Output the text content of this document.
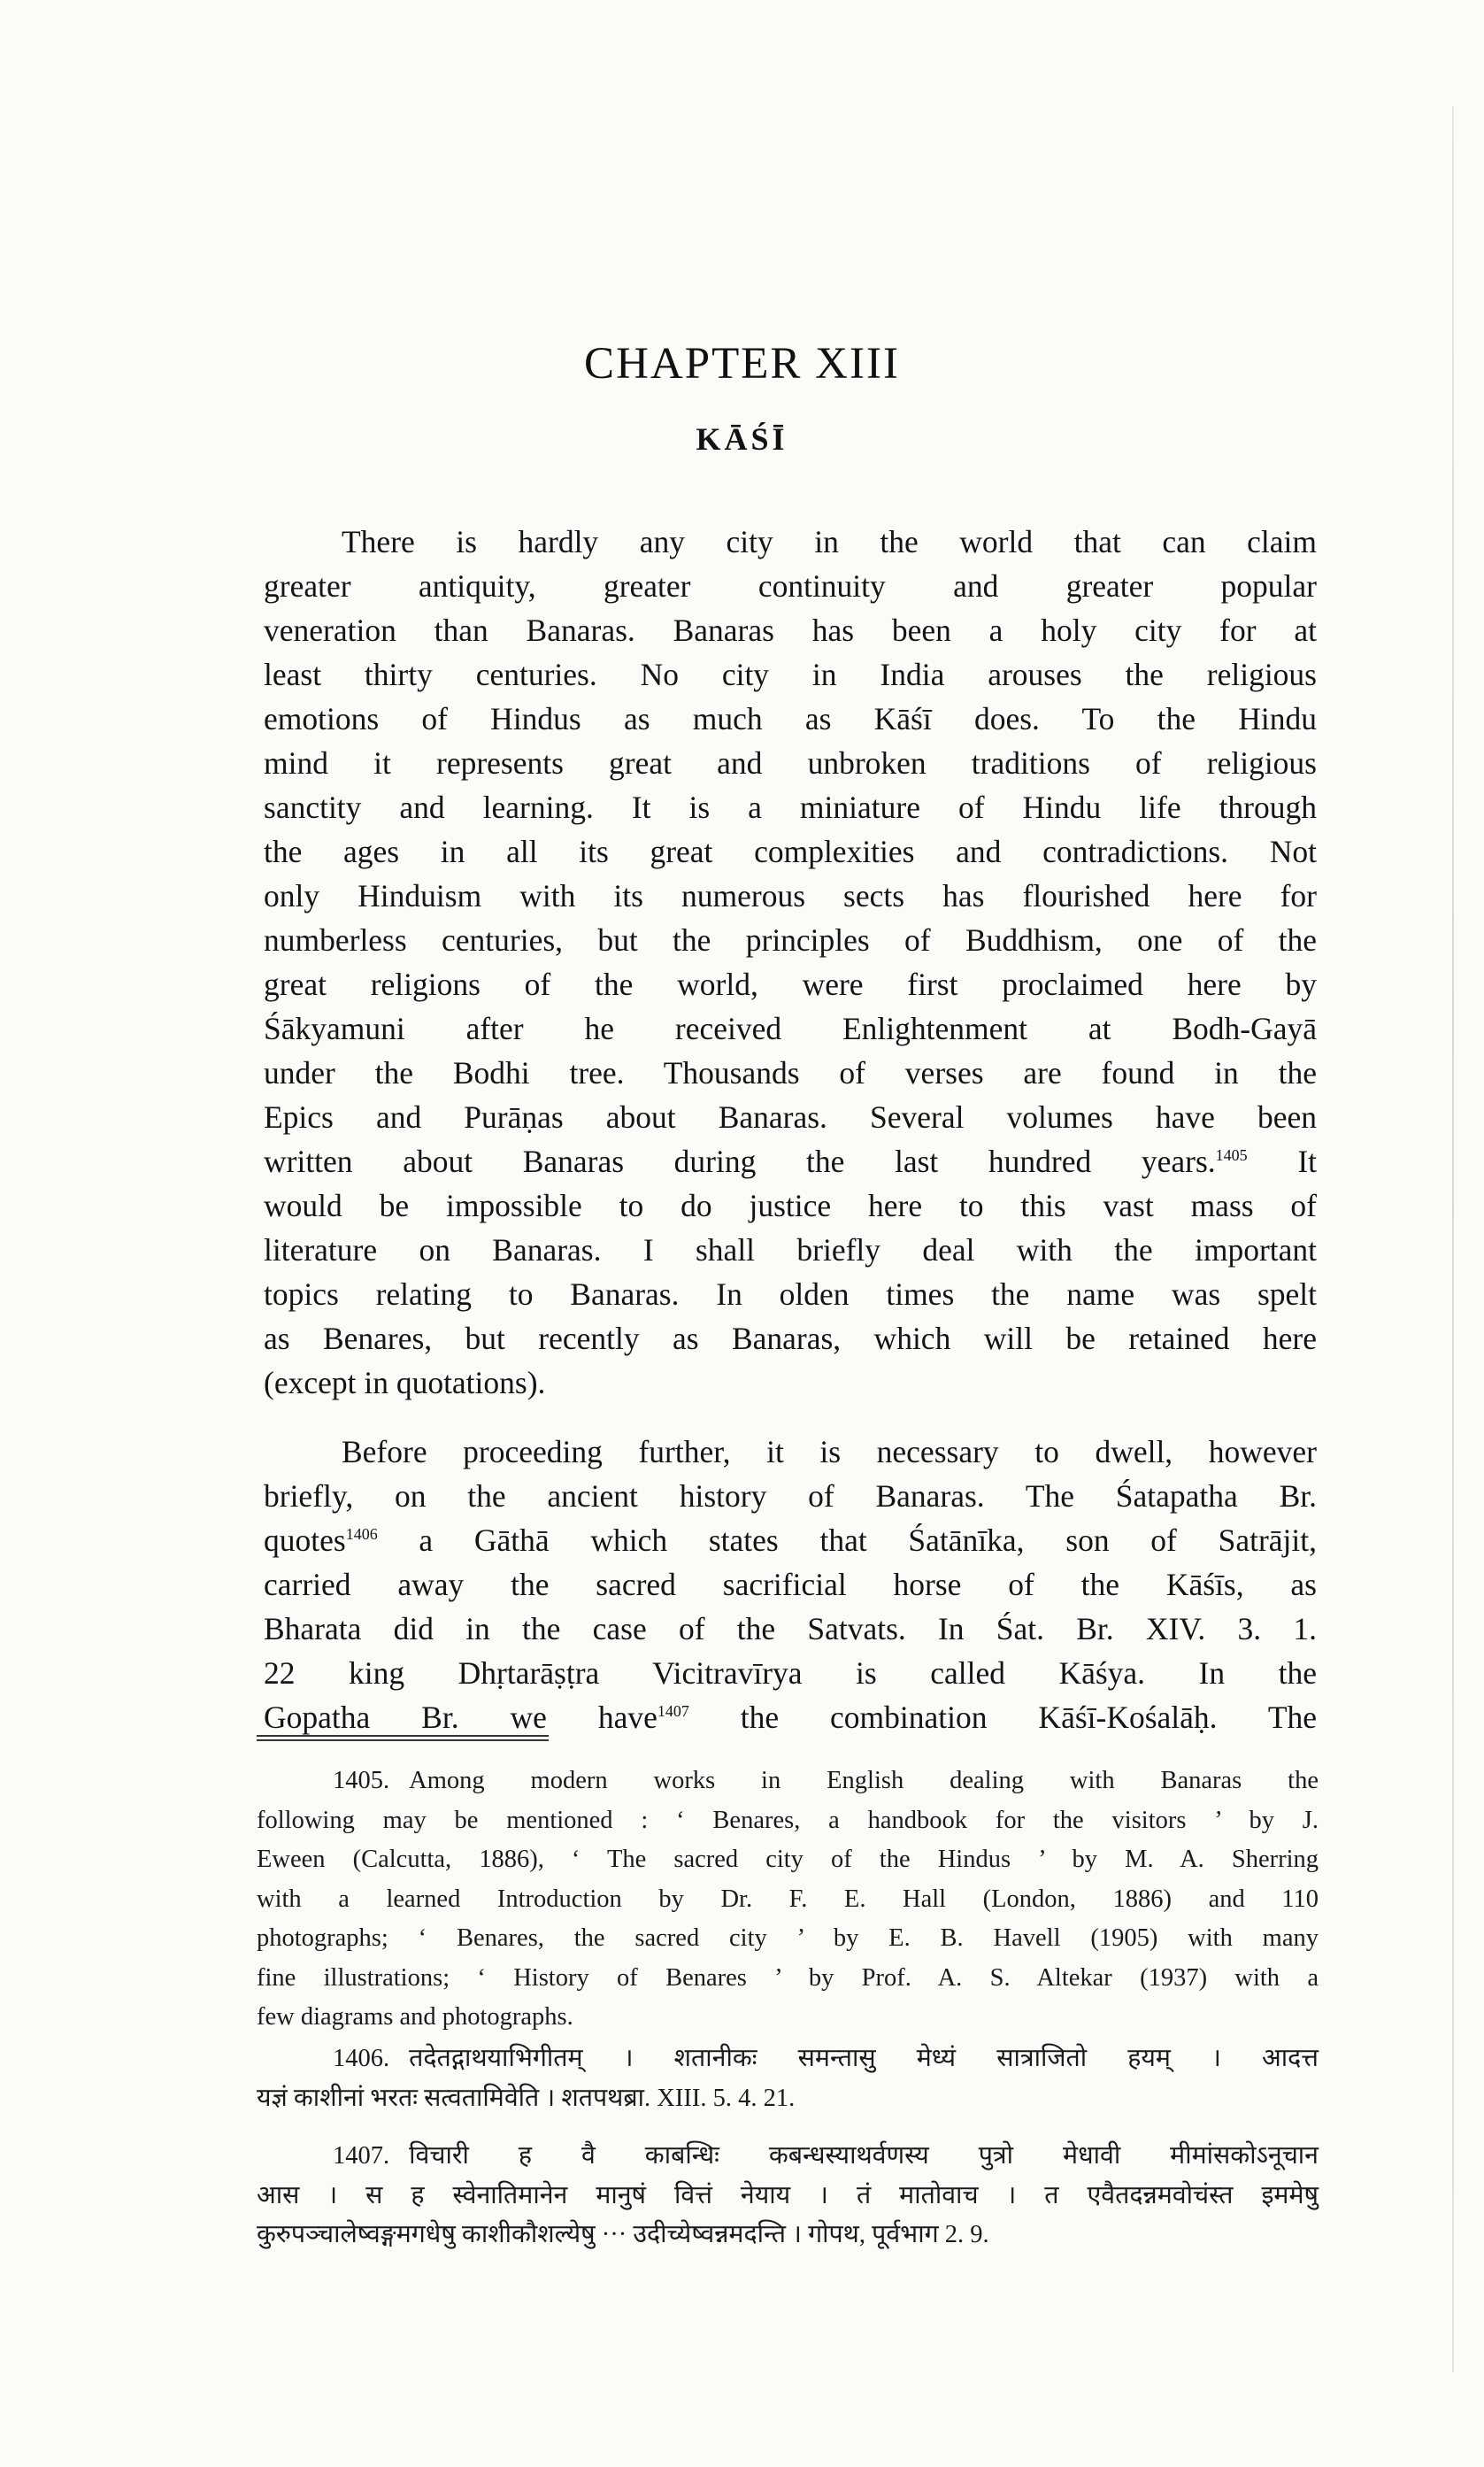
CHAPTER XIII
KĀŚĪ
There is hardly any city in the world that can claim
greater antiquity, greater continuity and greater popular
veneration than Banaras. Banaras has been a holy city for at
least thirty centuries. No city in India arouses the religious
emotions of Hindus as much as Kāśī does. To the Hindu
mind it represents great and unbroken traditions of religious
sanctity and learning. It is a miniature of Hindu life through
the ages in all its great complexities and contradictions. Not
only Hinduism with its numerous sects has flourished here for
numberless centuries, but the principles of Buddhism, one of the
great religions of the world, were first proclaimed here by
Śākyamuni after he received Enlightenment at Bodh-Gayā
under the Bodhi tree. Thousands of verses are found in the
Epics and Purāṇas about Banaras. Several volumes have been
written about Banaras during the last hundred years.$^{1405}$ It
would be impossible to do justice here to this vast mass of
literature on Banaras. I shall briefly deal with the important
topics relating to Banaras. In olden times the name was spelt
as Benares, but recently as Banaras, which will be retained here
(except in quotations).
Before proceeding further, it is necessary to dwell, however
briefly, on the ancient history of Banaras. The Śatapatha Br.
quotes$^{1406}$ a Gāthā which states that Śatānīka, son of Satrājit,
carried away the sacred sacrificial horse of the Kāśīs, as
Bharata did in the case of the Satvats. In Śat. Br. XIV. 3. 1.
22 king Dhṛtarāṣṭra Vicitravīrya is called Kāśya. In the
Gopatha Br. we have$^{1407}$ the combination Kāśī-Kośalāḥ. The
1405. Among modern works in English dealing with Banaras the
following may be mentioned : ‘ Benares, a handbook for the visitors ’ by J.
Eween (Calcutta, 1886), ‘ The sacred city of the Hindus ’ by M. A. Sherring
with a learned Introduction by Dr. F. E. Hall (London, 1886) and 110
photographs; ‘ Benares, the sacred city ’ by E. B. Havell (1905) with many
fine illustrations; ‘ History of Benares ’ by Prof. A. S. Altekar (1937) with a
few diagrams and photographs.
1406. तदेतद्गाथयाभिगीतम् । शतानीकः समन्तासु मेध्यं सात्राजितो हयम् । आदत्त
यज्ञं काशीनां भरतः सत्वतामिवेति । शतपथब्रा. XIII. 5. 4. 21.
1407. विचारी ह वै काबन्धिः कबन्धस्याथर्वणस्य पुत्रो मेधावी मीमांसकोऽनूचान
आस । स ह स्वेनातिमानेन मानुषं वित्तं नेयाय । तं मातोवाच । त एवैतदन्नमवोचंस्त इममेषु
कुरुपञ्चालेष्वङ्गमगधेषु काशीकौशल्येषु ··· उदीच्येष्वन्नमदन्ति । गोपथ, पूर्वभाग 2. 9.
